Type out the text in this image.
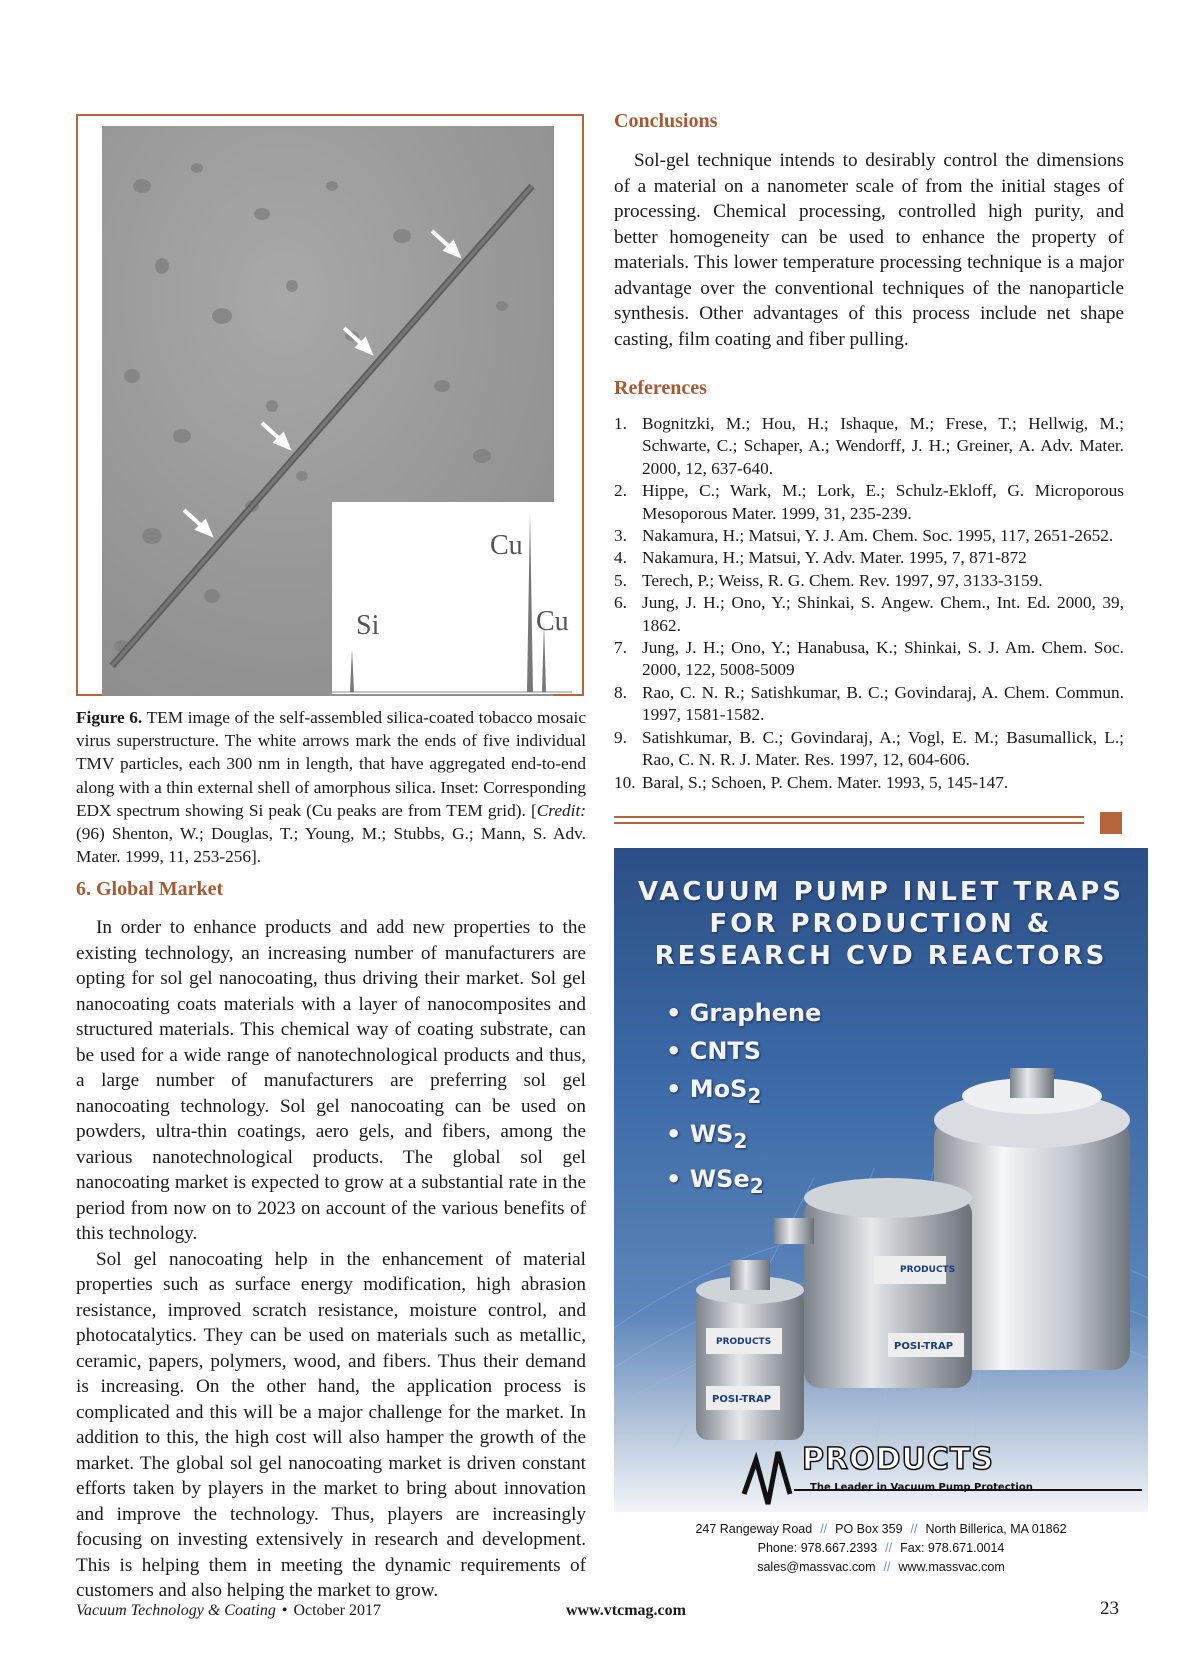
Cu
Si	Cu
Figure 6. TEM image of the self-assembled silica-coated tobacco mosaic virus superstructure. The white arrows mark the ends of five individual TMV particles, each 300 nm in length, that have aggregated end-to-end along with a thin external shell of amorphous silica. Inset: Corresponding EDX spectrum showing Si peak (Cu peaks are from TEM grid). [Credit: (96) Shenton, W.; Douglas, T.; Young, M.; Stubbs, G.; Mann, S. Adv. Mater. 1999, 11, 253-256].
6. Global Market

In order to enhance products and add new properties to the existing technology, an increasing number of manufacturers are opting for sol gel nanocoating, thus driving their market. Sol gel nanocoating coats materials with a layer of nanocomposites and structured materials. This chemical way of coating substrate, can be used for a wide range of nanotechnological products and thus, a large number of manufacturers are preferring sol gel nanocoating technology. Sol gel nanocoating can be used on powders, ultra-thin coatings, aero gels, and fibers, among the various nanotechnological products. The global sol gel nanocoating market is expected to grow at a substantial rate in the period from now on to 2023 on account of the various benefits of this technology.

Sol gel nanocoating help in the enhancement of material properties such as surface energy modification, high abrasion resistance, improved scratch resistance, moisture control, and photocatalytics. They can be used on materials such as metallic, ceramic, papers, polymers, wood, and fibers. Thus their demand is increasing. On the other hand, the application process is complicated and this will be a major challenge for the market. In addition to this, the high cost will also hamper the growth of the market. The global sol gel nanocoating market is driven constant efforts taken by players in the market to bring about innovation and improve the technology. Thus, players are increasingly focusing on investing extensively in research and development. This is helping them in meeting the dynamic requirements of customers and also helping the market to grow.

Conclusions

Sol-gel technique intends to desirably control the dimensions of a material on a nanometer scale of from the initial stages of processing. Chemical processing, controlled high purity, and better homogeneity can be used to enhance the property of materials. This lower temperature processing technique is a major advantage over the conventional techniques of the nanoparticle synthesis. Other advantages of this process include net shape casting, film coating and fiber pulling.

References
1. Bognitzki, M.; Hou, H.; Ishaque, M.; Frese, T.; Hellwig, M.; Schwarte, C.; Schaper, A.; Wendorff, J. H.; Greiner, A. Adv. Mater. 2000, 12, 637-640.
2. Hippe, C.; Wark, M.; Lork, E.; Schulz-Ekloff, G. Microporous Mesoporous Mater. 1999, 31, 235-239.
3. Nakamura, H.; Matsui, Y. J. Am. Chem. Soc. 1995, 117, 2651-2652.
4. Nakamura, H.; Matsui, Y. Adv. Mater. 1995, 7, 871-872
5. Terech, P.; Weiss, R. G. Chem. Rev. 1997, 97, 3133-3159.
6. Jung, J. H.; Ono, Y.; Shinkai, S. Angew. Chem., Int. Ed. 2000, 39, 1862.
7. Jung, J. H.; Ono, Y.; Hanabusa, K.; Shinkai, S. J. Am. Chem. Soc. 2000, 122, 5008-5009
8. Rao, C. N. R.; Satishkumar, B. C.; Govindaraj, A. Chem. Commun. 1997, 1581-1582.
9. Satishkumar, B. C.; Govindaraj, A.; Vogl, E. M.; Basumallick, L.; Rao, C. N. R. J. Mater. Res. 1997, 12, 604-606.
10. Baral, S.; Schoen, P. Chem. Mater. 1993, 5, 145-147.
VACUUM PUMP INLET TRAPS
FOR PRODUCTION &
RESEARCH CVD REACTORS
PRODUCTS
POSI-TRAP
PRODUCTS
POSI-TRAP
• Graphene
• CNTS
• MoS$_2$
• $WS_2$
• WSe$_2$
PRODUCTS
The Leader in Vacuum Pump Protection
247 Rangeway Road // PO Box 359 // North Billerica, MA 01862
Phone: 978.667.2393 // Fax: 978.671.0014
sales@massvac.com // www.massvac.com
Vacuum Technology & Coating • October 2017	www.vtcmag.com	23
